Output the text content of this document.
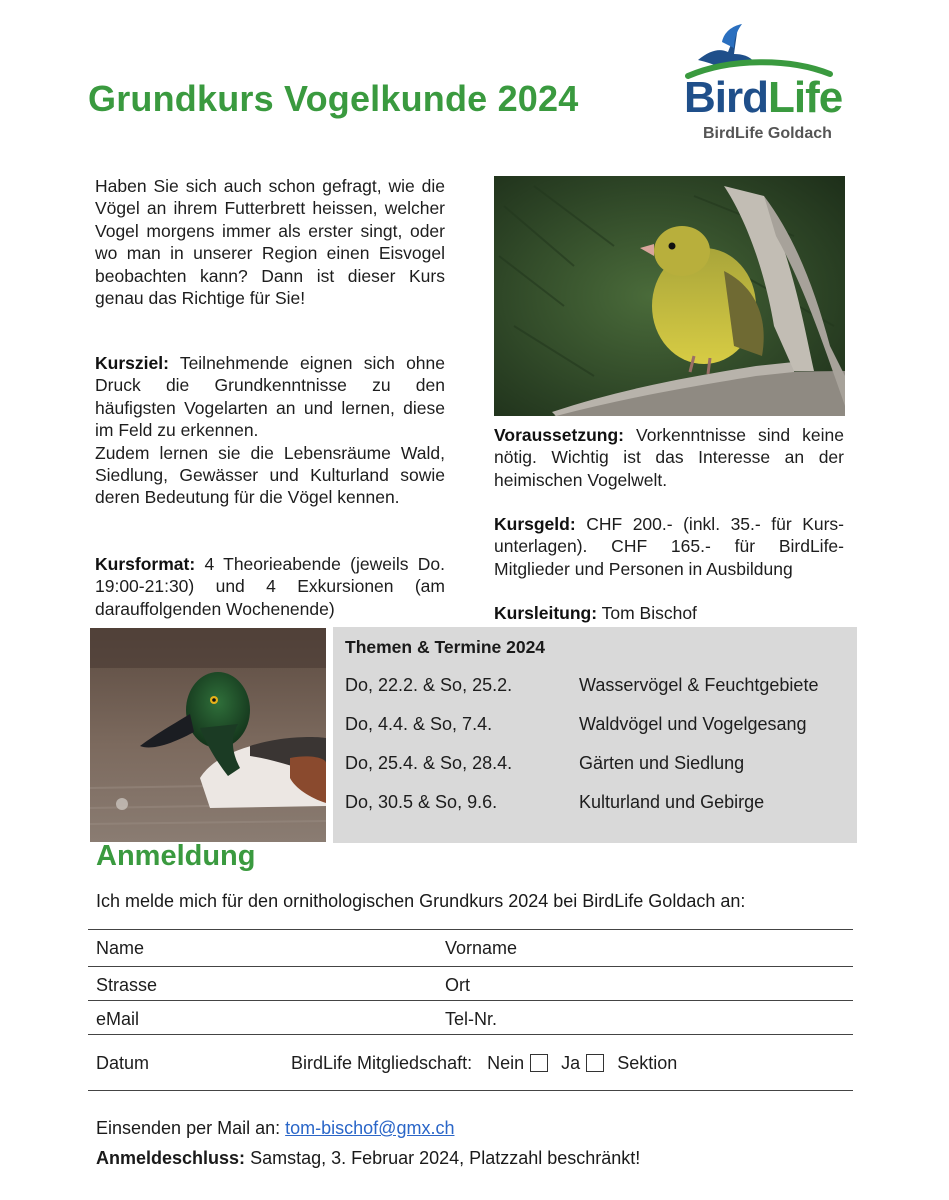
Grundkurs Vogelkunde 2024 BirdLife
BirdLife Goldach
Haben Sie sich auch schon gefragt, wie die Vögel an ihrem Futterbrett heissen, welcher Vogel morgens immer als erster singt, oder wo man in unserer Region einen Eisvogel beobachten kann? Dann ist dieser Kurs genau das Richtige für Sie!
Kursziel: Teilnehmende eignen sich ohne Druck die Grundkenntnisse zu den häufigsten Vogelarten an und lernen, diese im Feld zu erkennen.
Zudem lernen sie die Lebensräume Wald, Siedlung, Gewässer und Kulturland sowie deren Bedeutung für die Vögel kennen.
Kursformat: 4 Theorieabende (jeweils Do. 19:00-21:30) und 4 Exkursionen (am darauffolgenden Wochenende)
Voraussetzung: Vorkenntnisse sind keine nötig. Wichtig ist das Interesse an der heimischen Vogelwelt.
Kursgeld: CHF 200.- (inkl. 35.- für Kurs-unterlagen). CHF 165.- für BirdLife-Mitglieder und Personen in Ausbildung
Kursleitung: Tom Bischof
Themen & Termine 2024
Do, 22.2. & So, 25.2.	Wasservögel & Feuchtgebiete
Do, 4.4. & So, 7.4.	Waldvögel und Vogelgesang
Do, 25.4. & So, 28.4.	Gärten und Siedlung
Do, 30.5 & So, 9.6.	Kulturland und Gebirge
Anmeldung
Ich melde mich für den ornithologischen Grundkurs 2024 bei BirdLife Goldach an:
Name	Vorname
Strasse	Ort
eMail	Tel-Nr.
Datum	BirdLife Mitgliedschaft: Nein Ja Sektion
Einsenden per Mail an: tom-bischof@gmx.ch
Anmeldeschluss: Samstag, 3. Februar 2024, Platzzahl beschränkt!
